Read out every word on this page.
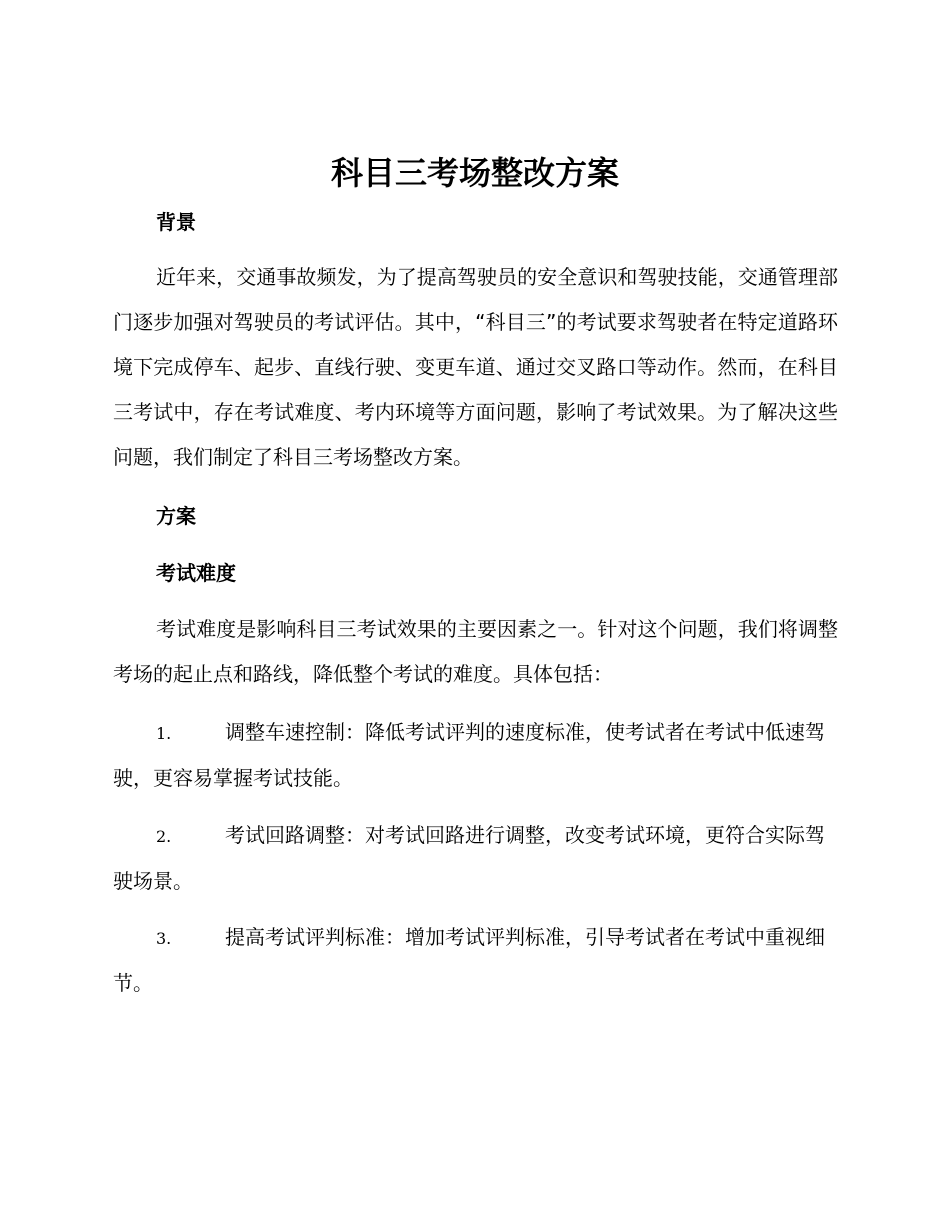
科目三考场整改方案
背景

近年来，交通事故频发，为了提高驾驶员的安全意识和驾驶技能，交通管理部门逐步加强对驾驶员的考试评估。其中，“科目三”的考试要求驾驶者在特定道路环境下完成停车、起步、直线行驶、变更车道、通过交叉路口等动作。然而，在科目三考试中，存在考试难度、考内环境等方面问题，影响了考试效果。为了解决这些问题，我们制定了科目三考场整改方案。

方案
考试难度

考试难度是影响科目三考试效果的主要因素之一。针对这个问题，我们将调整考场的起止点和路线，降低整个考试的难度。具体包括：

1.	调整车速控制：降低考试评判的速度标准，使考试者在考试中低速驾驶，更容易掌握考试技能。

2.	考试回路调整：对考试回路进行调整，改变考试环境，更符合实际驾驶场景。

3.	提高考试评判标准：增加考试评判标准，引导考试者在考试中重视细节。
